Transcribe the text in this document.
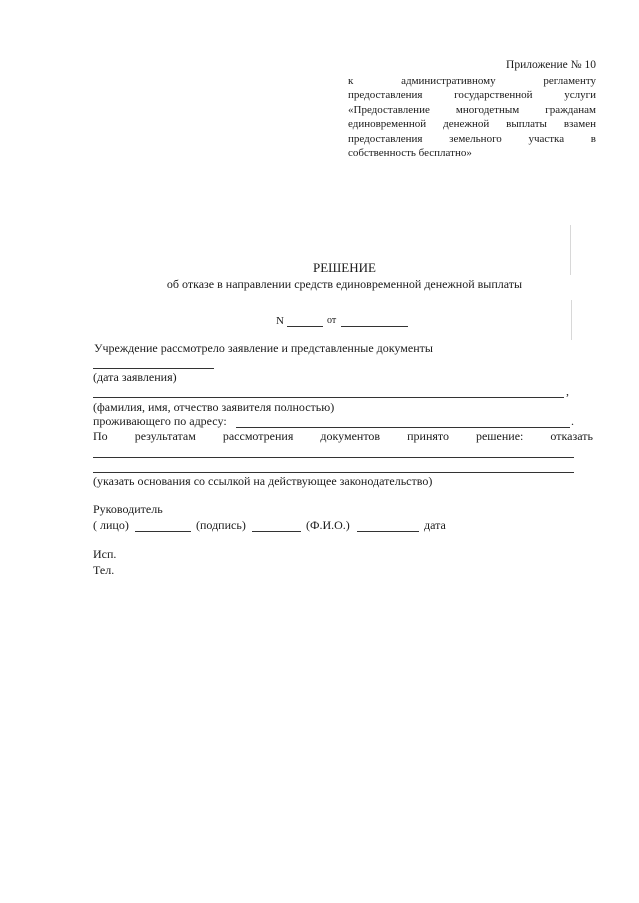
Приложение № 10
к	административному	регламенту
предоставления	государственной	услуги
«Предоставление многодетным гражданам
единовременной денежной выплаты взамен
предоставления земельного участка в
собственность бесплатно»
РЕШЕНИЕ
об отказе в направлении средств единовременной денежной выплаты
N	от
Учреждение рассмотрело заявление и представленные документы
(дата заявления)
,
(фамилия, имя, отчество заявителя полностью)
проживающего по адресу:	.
По результатам рассмотрения документов принято решение: отказать
(указать основания со ссылкой на действующее законодательство)
Руководитель
( лицо)	(подпись)	(Ф.И.О.)	дата
Исп.
Тел.
